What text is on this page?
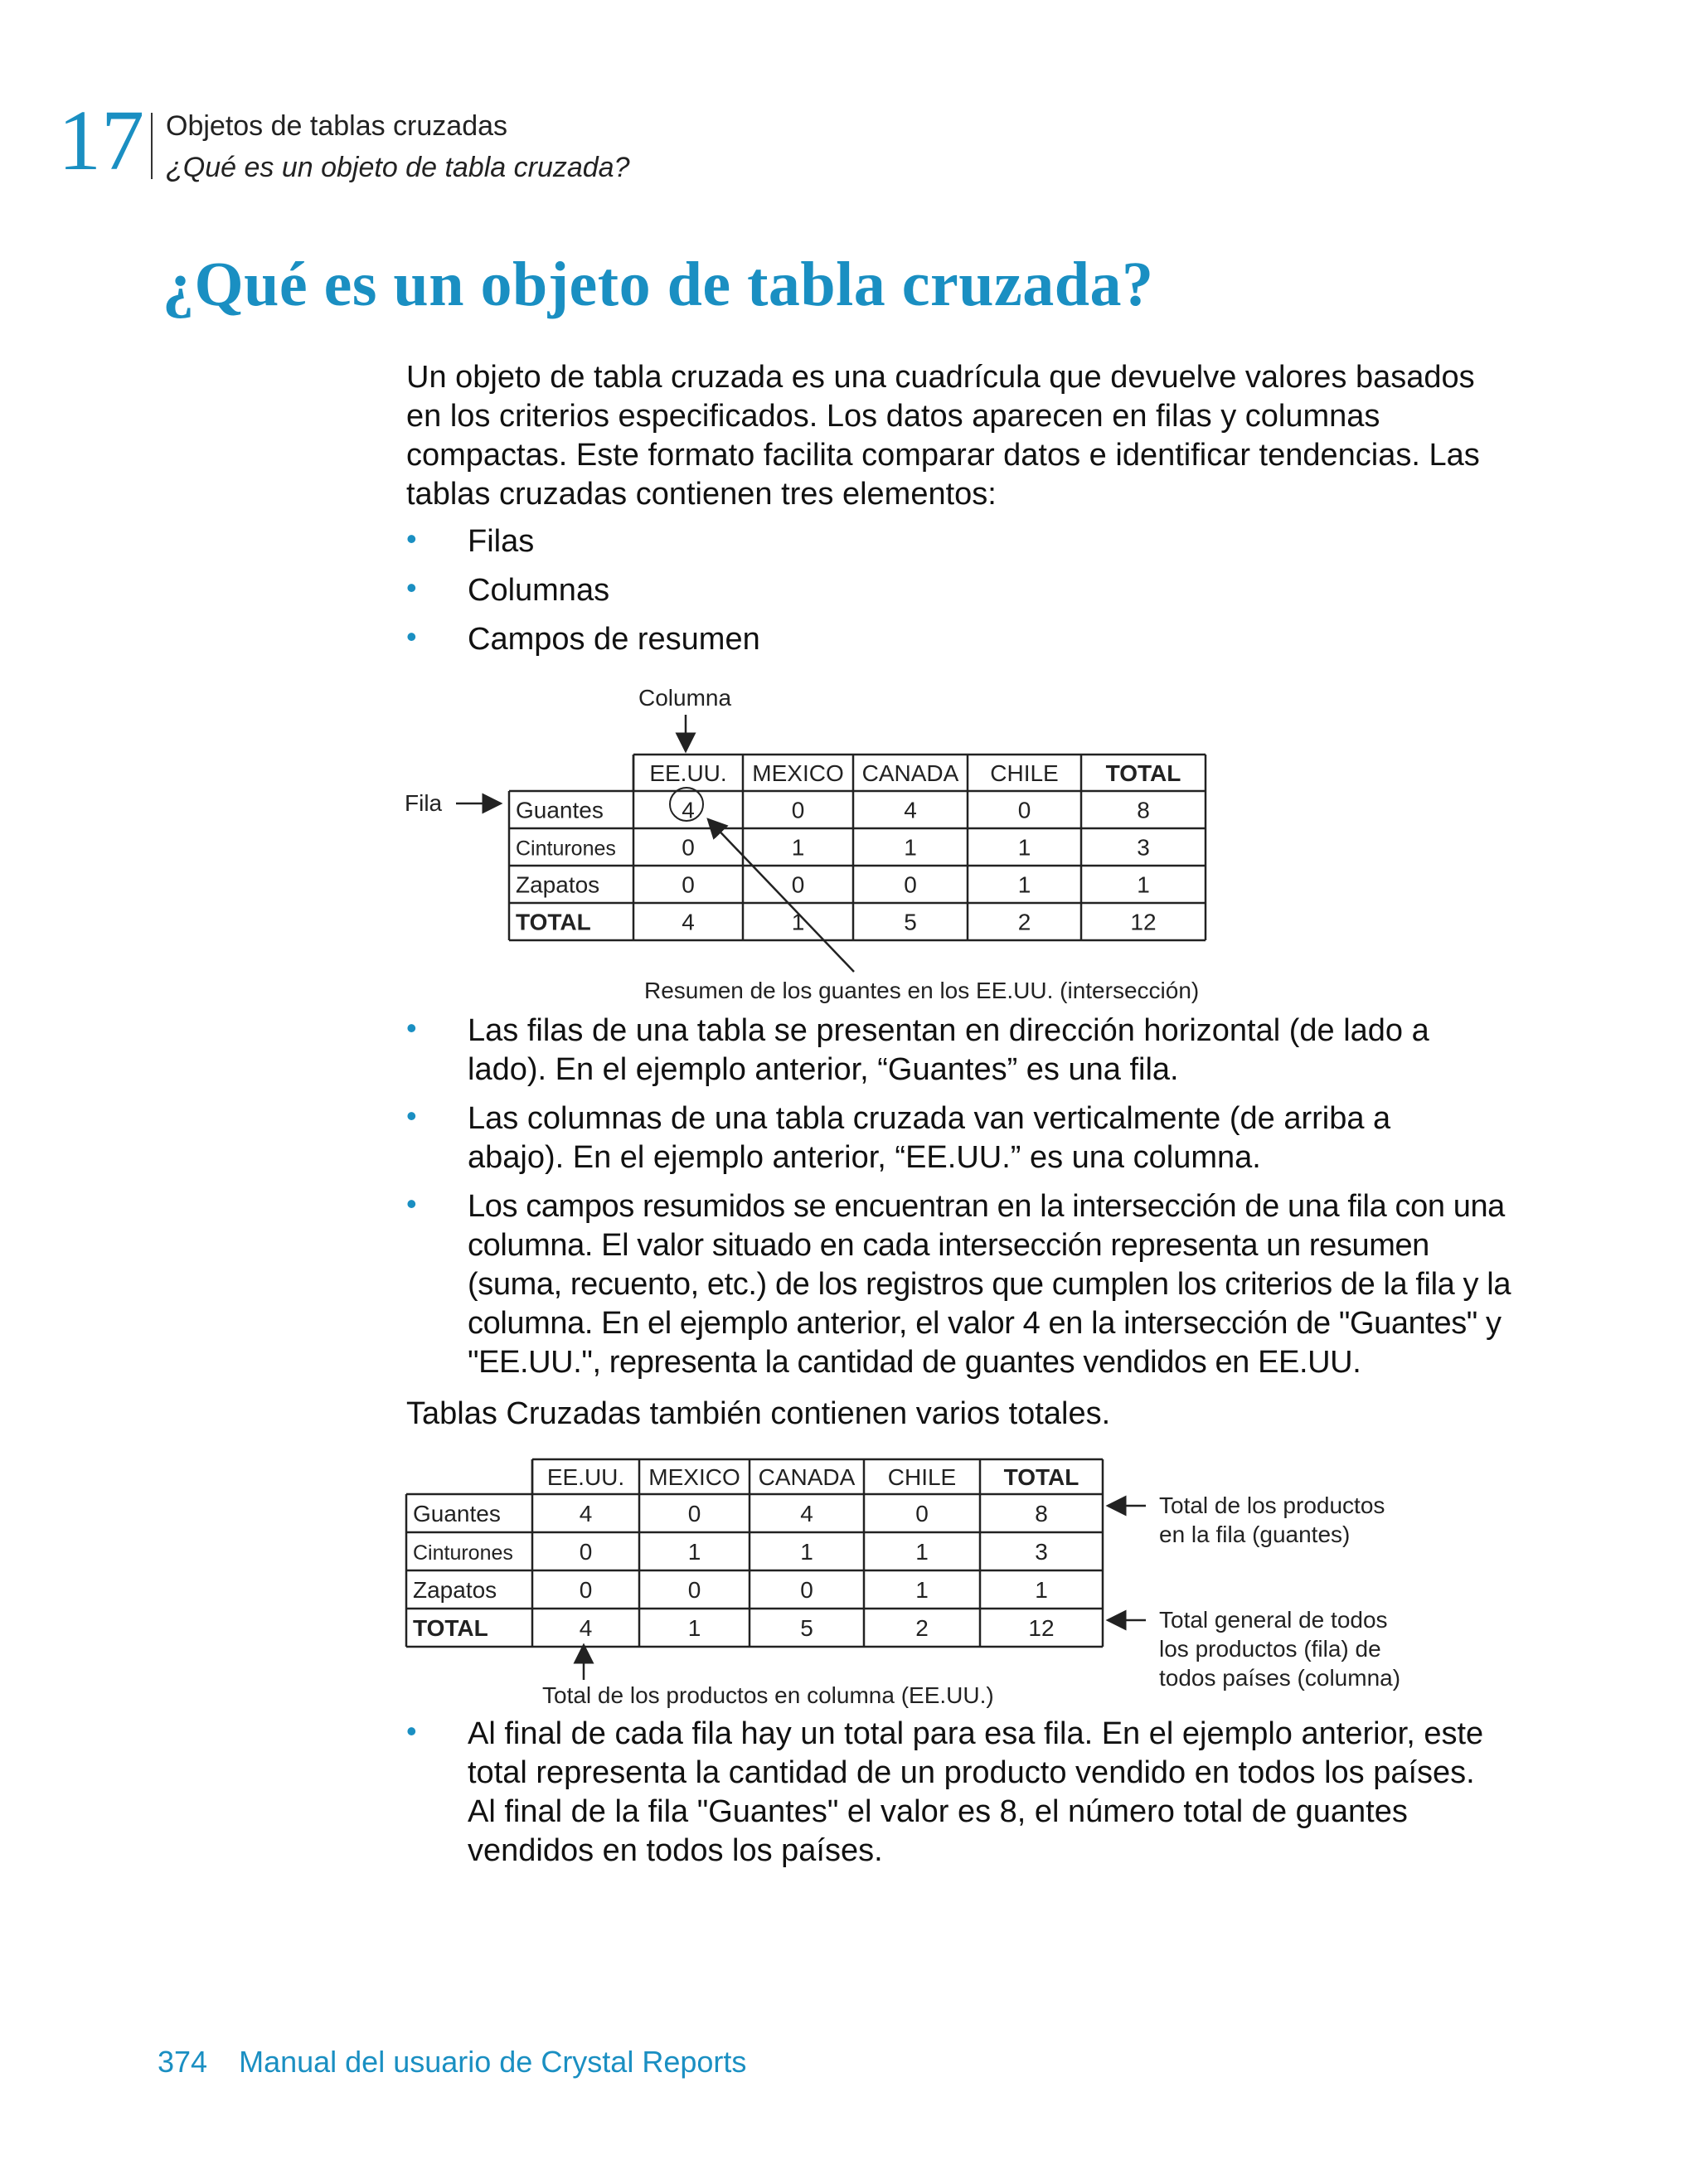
17 Objetos de tablas cruzadas
¿Qué es un objeto de tabla cruzada?
¿Qué es un objeto de tabla cruzada?

Un objeto de tabla cruzada es una cuadrícula que devuelve valores basados
en los criterios especificados. Los datos aparecen en filas y columnas
compactas. Este formato facilita comparar datos e identificar tendencias. Las
tablas cruzadas contienen tres elementos:

• Filas
• Columnas
• Campos de resumen
Columna
Fila
EE.UU. MEXICO CANADA CHILE TOTAL
Guantes	4	0	4	0	8
Cinturones	0	1	1	1	3
Zapatos	0	0	0	1	1
TOTAL	4	1	5	2	12
Resumen de los guantes en los EE.UU. (intersección)
• Las filas de una tabla se presentan en dirección horizontal (de lado a
lado). En el ejemplo anterior, “Guantes” es una fila.
• Las columnas de una tabla cruzada van verticalmente (de arriba a
abajo). En el ejemplo anterior, “EE.UU.” es una columna.
• Los campos resumidos se encuentran en la intersección de una fila con una
columna. El valor situado en cada intersección representa un resumen
(suma, recuento, etc.) de los registros que cumplen los criterios de la fila y la
columna. En el ejemplo anterior, el valor 4 en la intersección de "Guantes" y
"EE.UU.", representa la cantidad de guantes vendidos en EE.UU.

Tablas Cruzadas también contienen varios totales.

EE.UU. MEXICO CANADA CHILE TOTAL
Guantes	4	0	4	0	8
Cinturones	0	1	1	1	3
Zapatos	0	0	0	1	1
TOTAL	4	1	5	2	12
Total de los productos
en la fila (guantes)
Total general de todos
los productos (fila) de
todos países (columna)
Total de los productos en columna (EE.UU.)
• Al final de cada fila hay un total para esa fila. En el ejemplo anterior, este
total representa la cantidad de un producto vendido en todos los países.
Al final de la fila "Guantes" el valor es 8, el número total de guantes
vendidos en todos los países.
374 Manual del usuario de Crystal Reports
